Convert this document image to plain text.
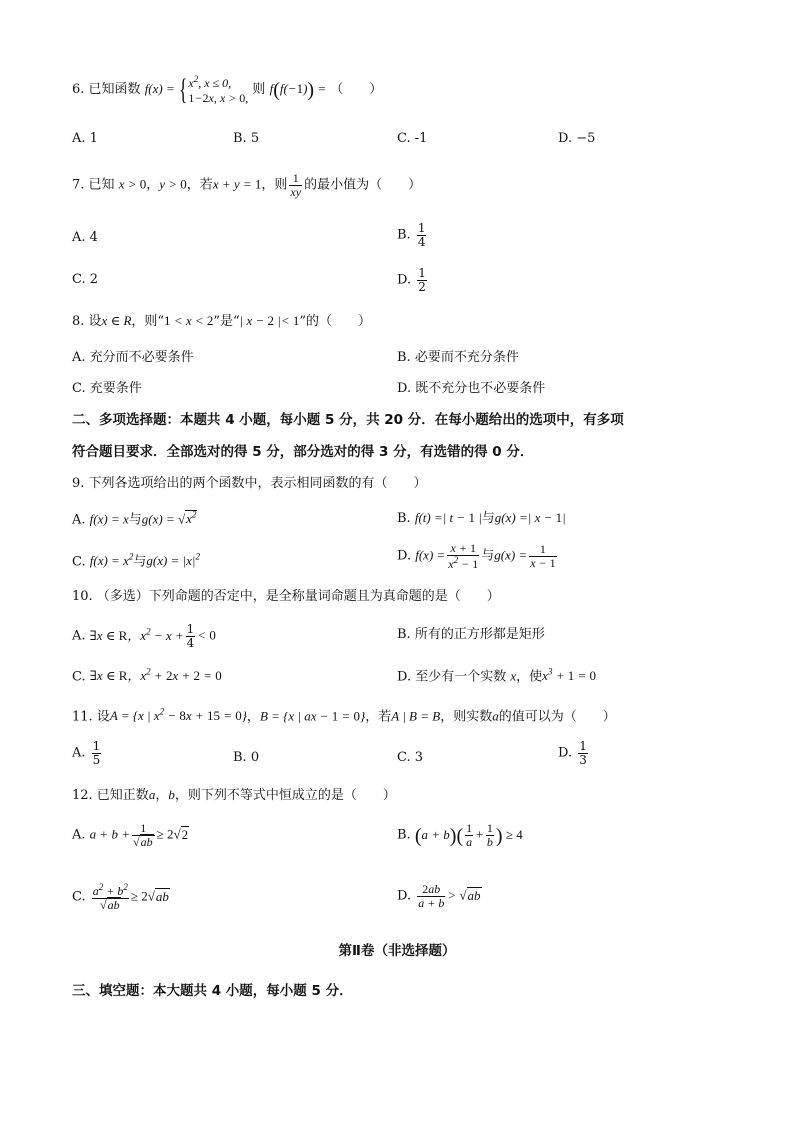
6. 已知函数 f(x) = { $x^2$, x ≤ 0,
1−2x, x > 0,
则 f(f(−1)) = （　　）
A. 1	B. 5	C. -1	D. −5
7. 已知 x > 0，y > 0，若x + y = 1，则 $\frac{1}{xy}$ 的最小值为（　　）
A. 4	B. $\frac{1}{4}$
C. 2	D. $\frac{1}{2}$
8. 设x ∈ R，则“1 < x < 2”是“| x − 2 |< 1”的（　　）
A. 充分而不必要条件	B. 必要而不充分条件
C. 充要条件	D. 既不充分也不必要条件
二、多项选择题：本题共 4 小题，每小题 5 分，共 20 分．在每小题给出的选项中，有多项
符合题目要求．全部选对的得 5 分，部分选对的得 3 分，有选错的得 0 分．
9. 下列各选项给出的两个函数中，表示相同函数的有（　　）
A. f(x) = x与$g(x) = √x^2$	B. f(t) =| t − 1 |与g(x) =| x − 1|
C. $f(x) = x^2$与$g(x) = |x|^2$	D. $f(x) = \frac{x + 1}{x^2 - 1}$ 与$g(x) = \frac{1}{x - 1}$
10. （多选）下列命题的否定中，是全称量词命题且为真命题的是（　　）
A. ∃x ∈ R，$x^2 - x + \frac{1}{4} < 0$	B. 所有的正方形都是矩形
C. ∃x ∈ R，$x^2 + 2x + 2 = 0$	D. 至少有一个实数 x，使$x^3 + 1 = 0$
11. 设A = {x | $x^2 - 8x + 15 = 0$}，B = {x | ax − 1 = 0}，若A | B = B，则实数a的值可以为（　　）
A. $\frac{1}{5}$	B. 0	C. 3	D. $\frac{1}{3}$
12. 已知正数a，b，则下列不等式中恒成立的是（　　）
A. $a + b + \frac{1}{√ab} \ge 2√2$	B. $(a + b)( \frac{1}{a} + \frac{1}{b}$ ) ≥ 4
C. $\frac{a^2 + b^2}{√ab} \ge 2√ab$	D. $\frac{2ab}{a + b} > √ab$
第Ⅱ卷（非选择题）
三、填空题：本大题共 4 小题，每小题 5 分．
